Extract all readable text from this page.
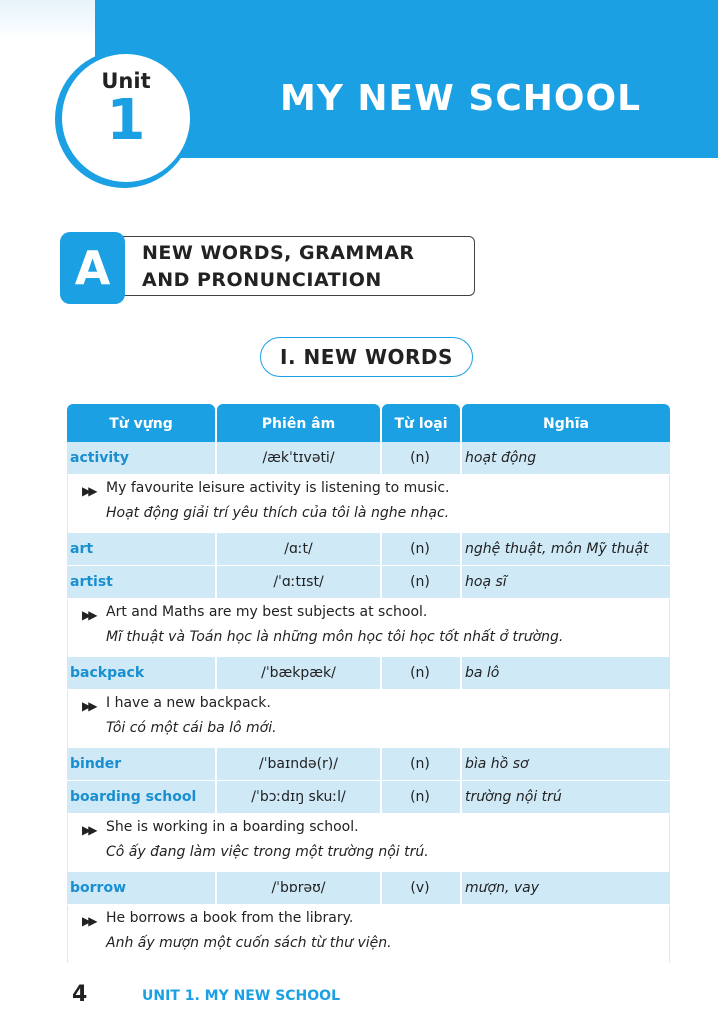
Unit
1	MY NEW SCHOOL
A	NEW WORDS, GRAMMAR
AND PRONUNCIATION
I. NEW WORDS
Từ vựng	Phiên âm	Từ loại	Nghĩa
activity	/ækˈtɪvəti/	(n)	hoạt động
▶▶ My favourite leisure activity is listening to music.
Hoạt động giải trí yêu thích của tôi là nghe nhạc.
art	/ɑːt/	(n)	nghệ thuật, môn Mỹ thuật
artist	/ˈɑːtɪst/	(n)	hoạ sĩ
▶▶ Art and Maths are my best subjects at school.
Mĩ thuật và Toán học là những môn học tôi học tốt nhất ở trường.
backpack	/ˈbækpæk/	(n)	ba lô
▶▶ I have a new backpack.
Tôi có một cái ba lô mới.
binder	/ˈbaɪndə(r)/	(n)	bìa hồ sơ
boarding school	/ˈbɔːdɪŋ skuːl/	(n)	trường nội trú
▶▶ She is working in a boarding school.
Cô ấy đang làm việc trong một trường nội trú.
borrow	/ˈbɒrəʊ/	(v)	mượn, vay
▶▶ He borrows a book from the library.
Anh ấy mượn một cuốn sách từ thư viện.
4	UNIT 1. MY NEW SCHOOL
